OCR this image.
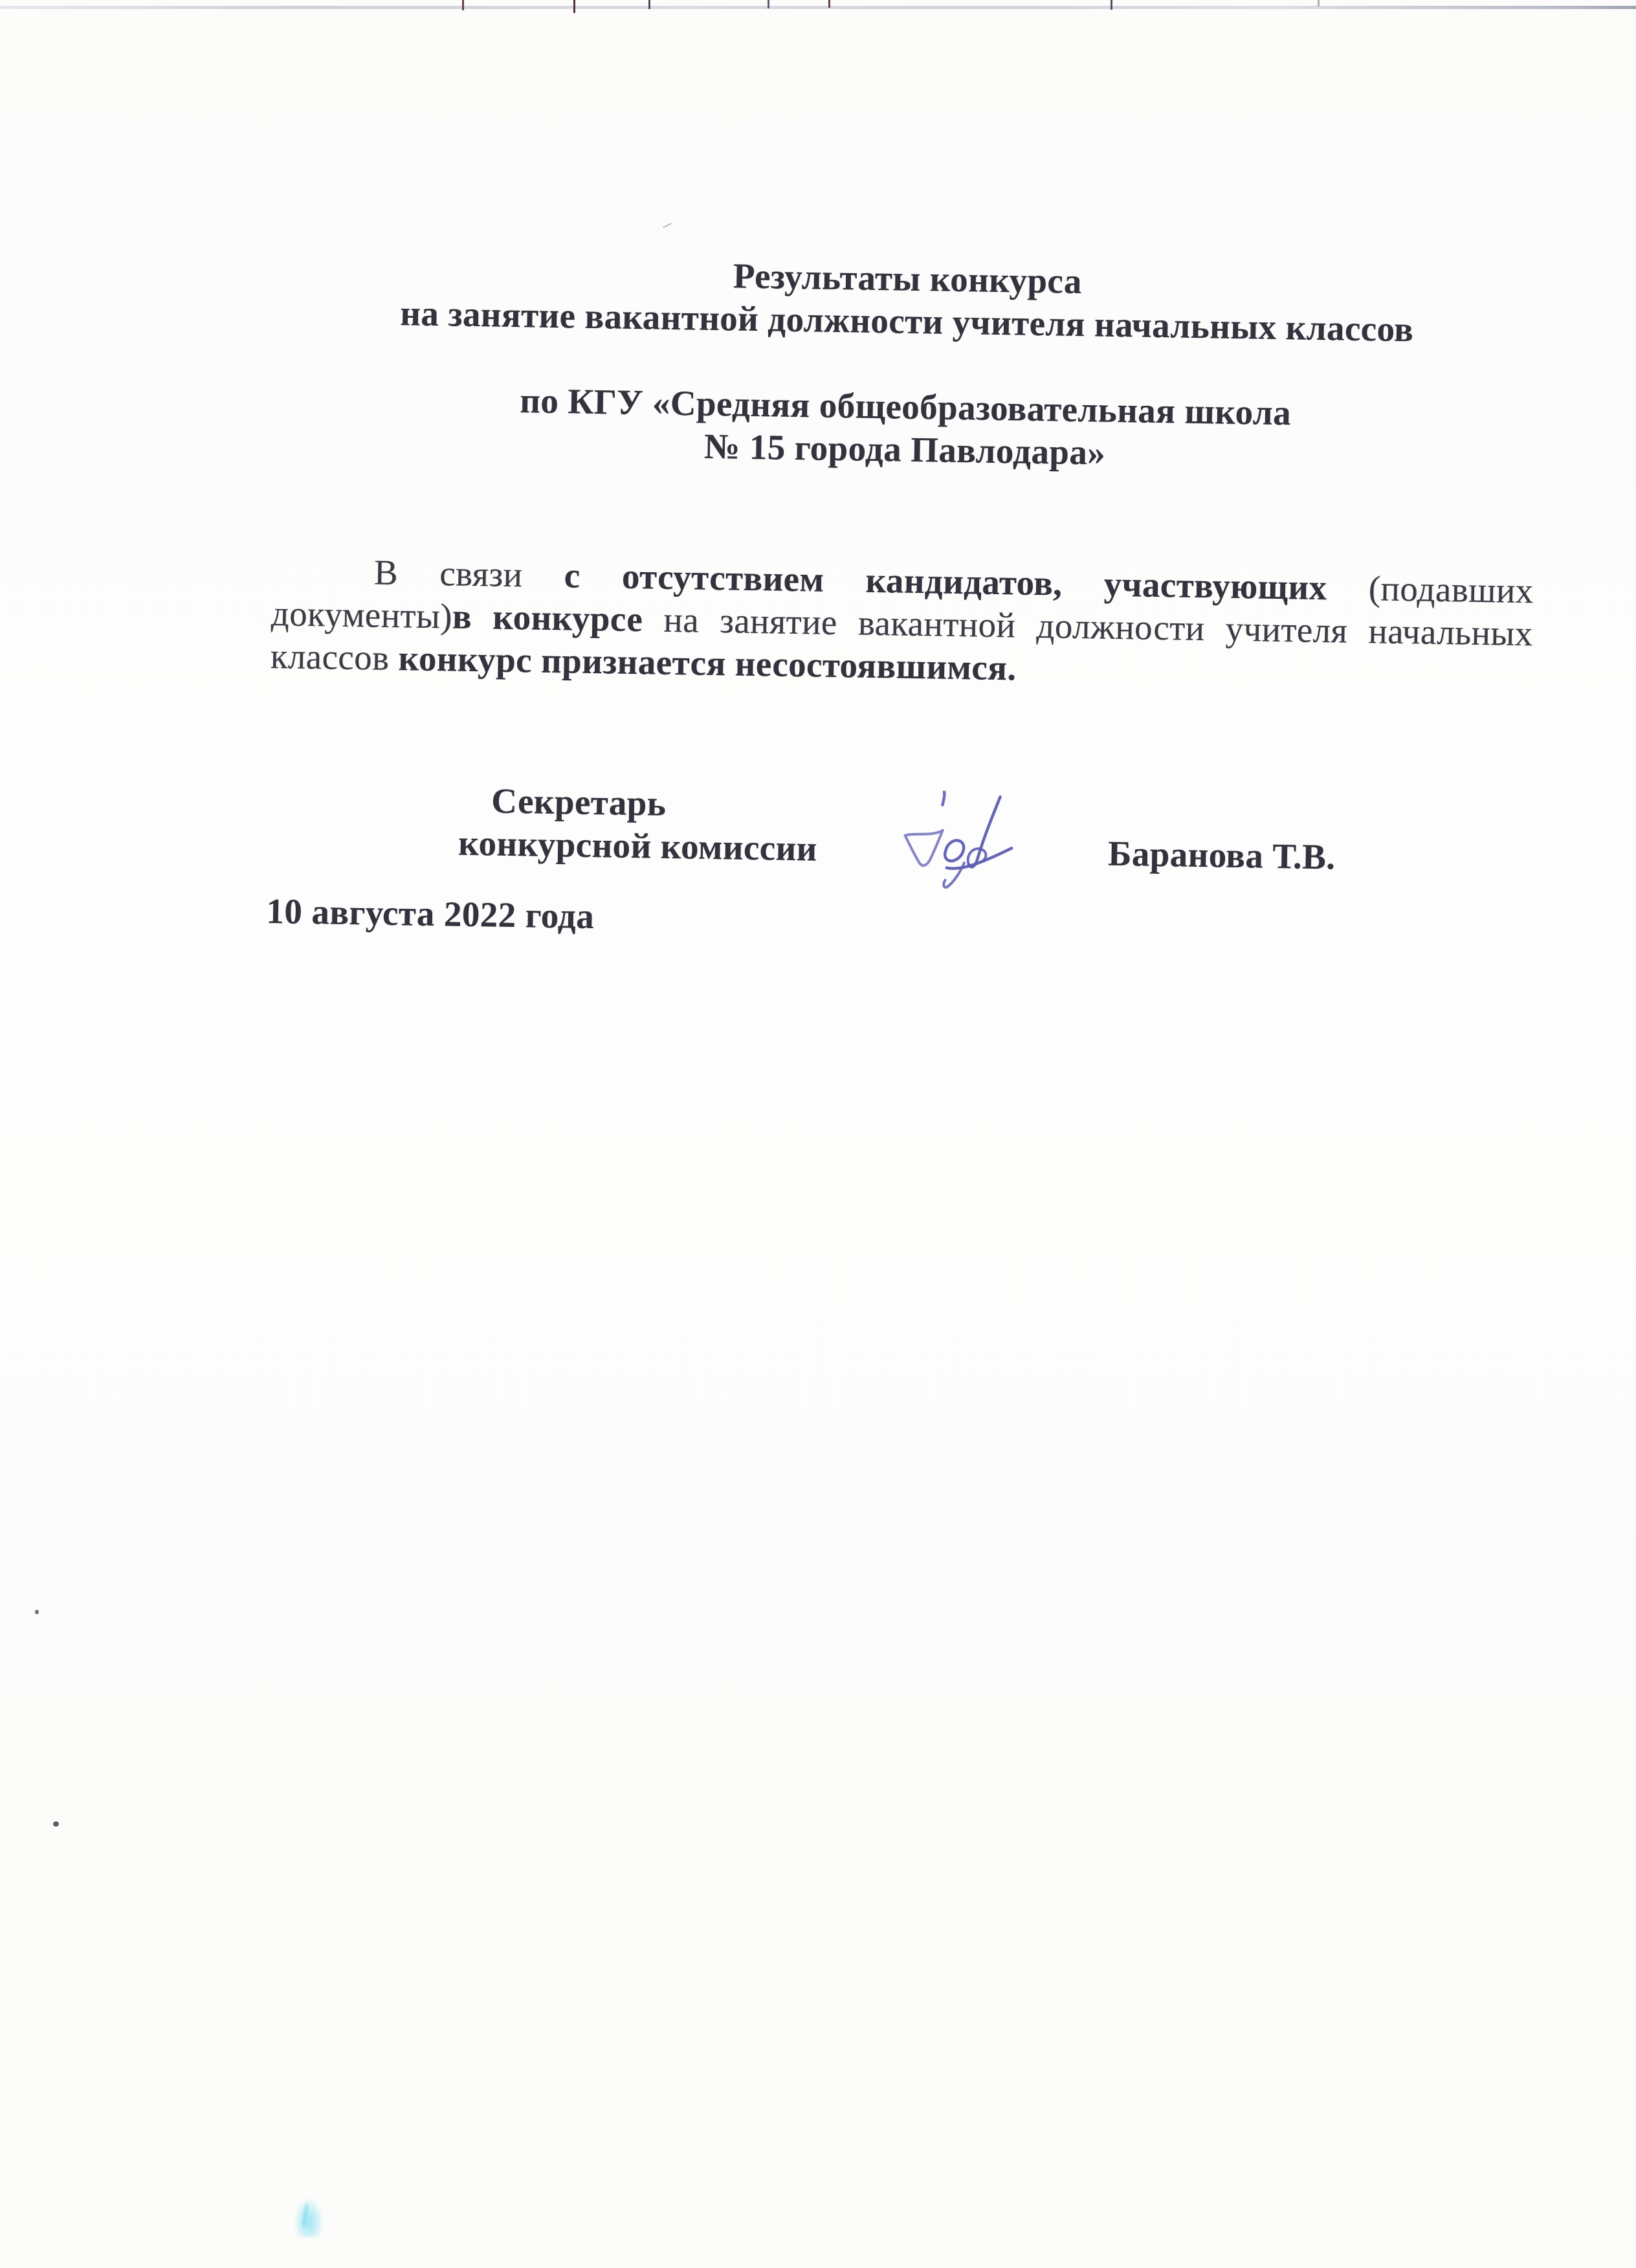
⸍
Результаты конкурса
на занятие вакантной должности учителя начальных классов
по КГУ «Средняя общеобразовательная школа
№ 15 города Павлодара»
В связи с отсутствием кандидатов, участвующих (подавших
документы)в конкурсе на занятие вакантной должности учителя начальных
классов конкурс признается несостоявшимся.
Секретарь
конкурсной комиссии	Баранова Т.В.
10 августа 2022 года
